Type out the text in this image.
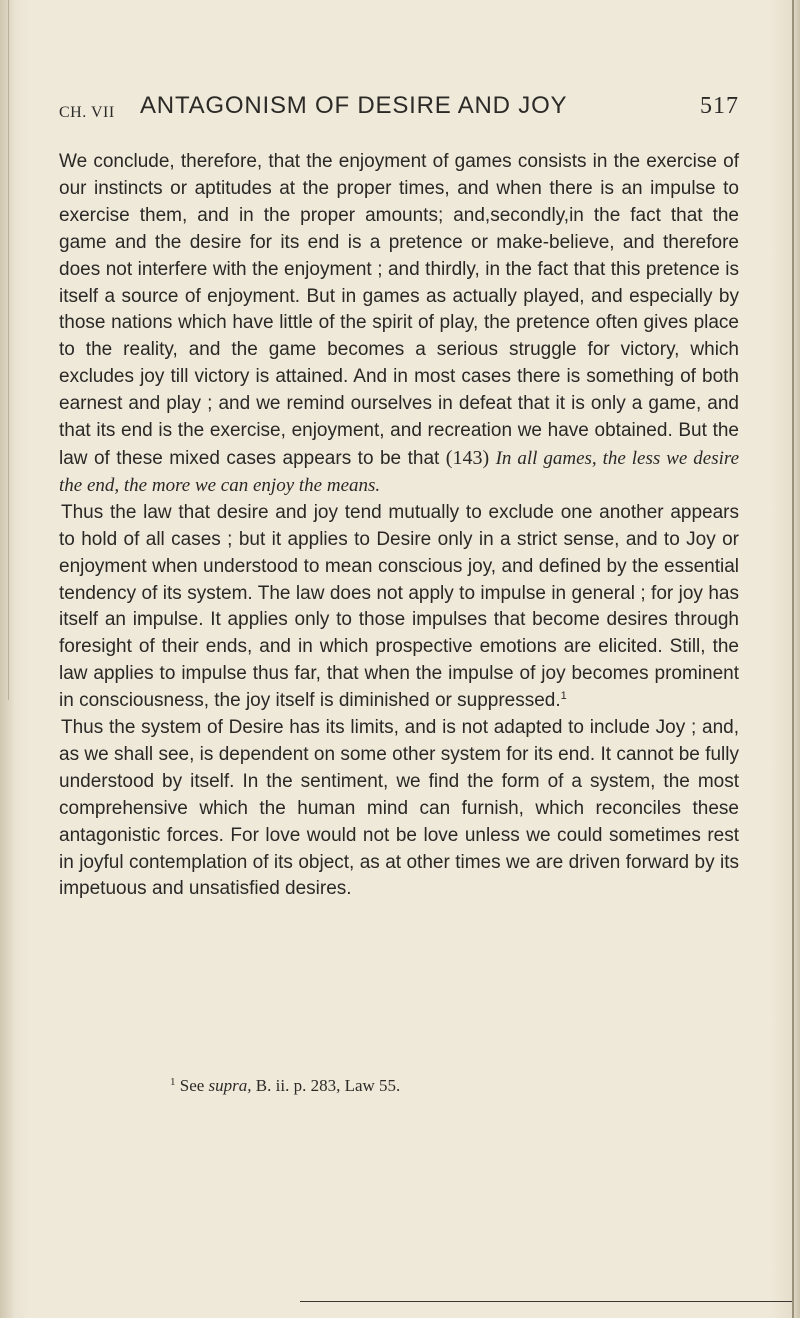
CH. VII ANTAGONISM OF DESIRE AND JOY	517

We conclude, therefore, that the enjoyment of games consists in the exercise of our instincts or aptitudes at the proper times, and when there is an impulse to exercise them, and in the proper amounts; and,secondly,in the fact that the game and the desire for its end is a pretence or make-believe, and therefore does not interfere with the enjoyment ; and thirdly, in the fact that this pretence is itself a source of enjoyment. But in games as actually played, and especially by those nations which have little of the spirit of play, the pretence often gives place to the reality, and the game becomes a serious struggle for victory, which excludes joy till victory is attained. And in most cases there is something of both earnest and play ; and we remind ourselves in defeat that it is only a game, and that its end is the exercise, enjoyment, and recreation we have obtained. But the law of these mixed cases appears to be that (143) In all games, the less we desire the end, the more we can enjoy the means.

Thus the law that desire and joy tend mutually to exclude one another appears to hold of all cases ; but it applies to Desire only in a strict sense, and to Joy or enjoyment when understood to mean conscious joy, and defined by the essential tendency of its system. The law does not apply to impulse in general ; for joy has itself an impulse. It applies only to those impulses that become desires through foresight of their ends, and in which prospective emotions are elicited. Still, the law applies to impulse thus far, that when the impulse of joy becomes prominent in consciousness, the joy itself is diminished or suppressed.$^1$

Thus the system of Desire has its limits, and is not adapted to include Joy ; and, as we shall see, is dependent on some other system for its end. It cannot be fully understood by itself. In the sentiment, we find the form of a system, the most comprehensive which the human mind can furnish, which reconciles these antagonistic forces. For love would not be love unless we could sometimes rest in joyful contemplation of its object, as at other times we are driven forward by its impetuous and unsatisfied desires.

$^1$ See supra, B. ii. p. 283, Law 55.
